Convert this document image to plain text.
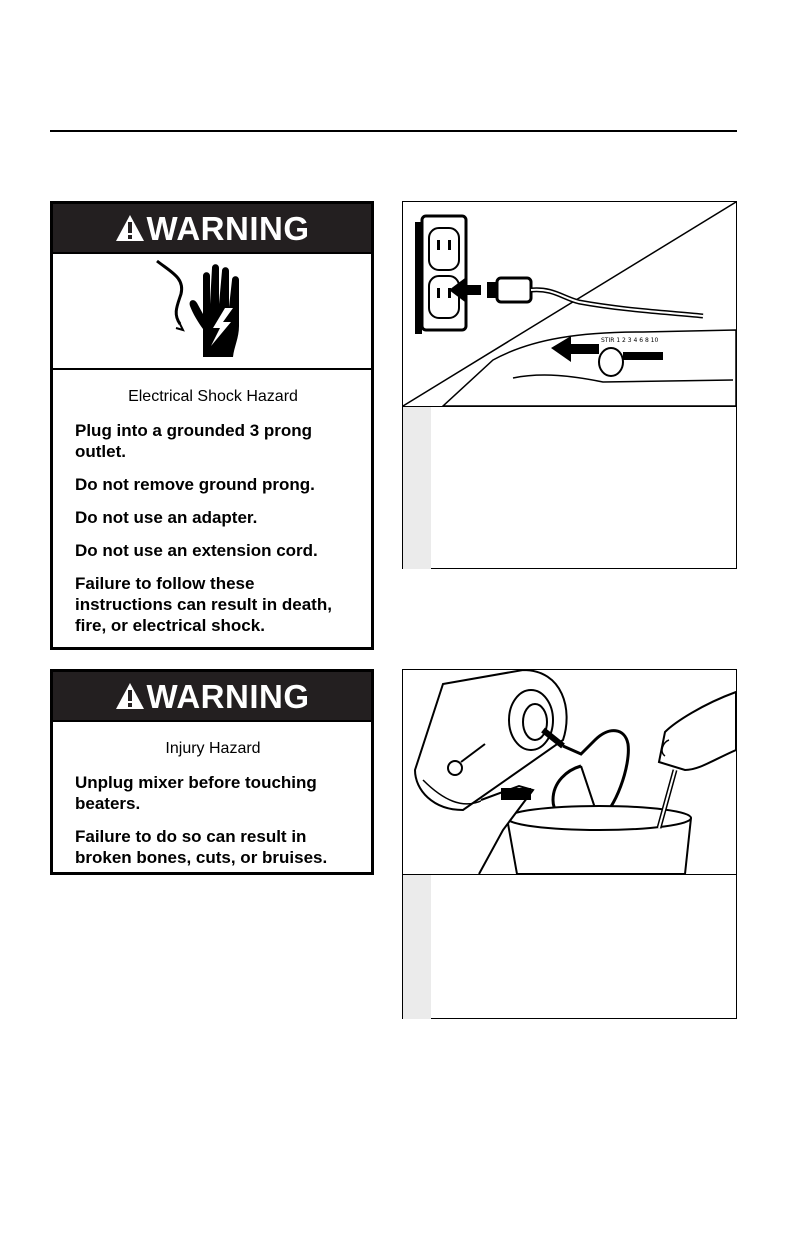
WARNING
Electrical Shock Hazard

Plug into a grounded 3 prong outlet.

Do not remove ground prong.

Do not use an adapter.

Do not use an extension cord.

Failure to follow these instructions can result in death, fire, or electrical shock.

WARNING
Injury Hazard

Unplug mixer before touching beaters.

Failure to do so can result in broken bones, cuts, or bruises.

STIR 1 2 3 4 6 8 10
